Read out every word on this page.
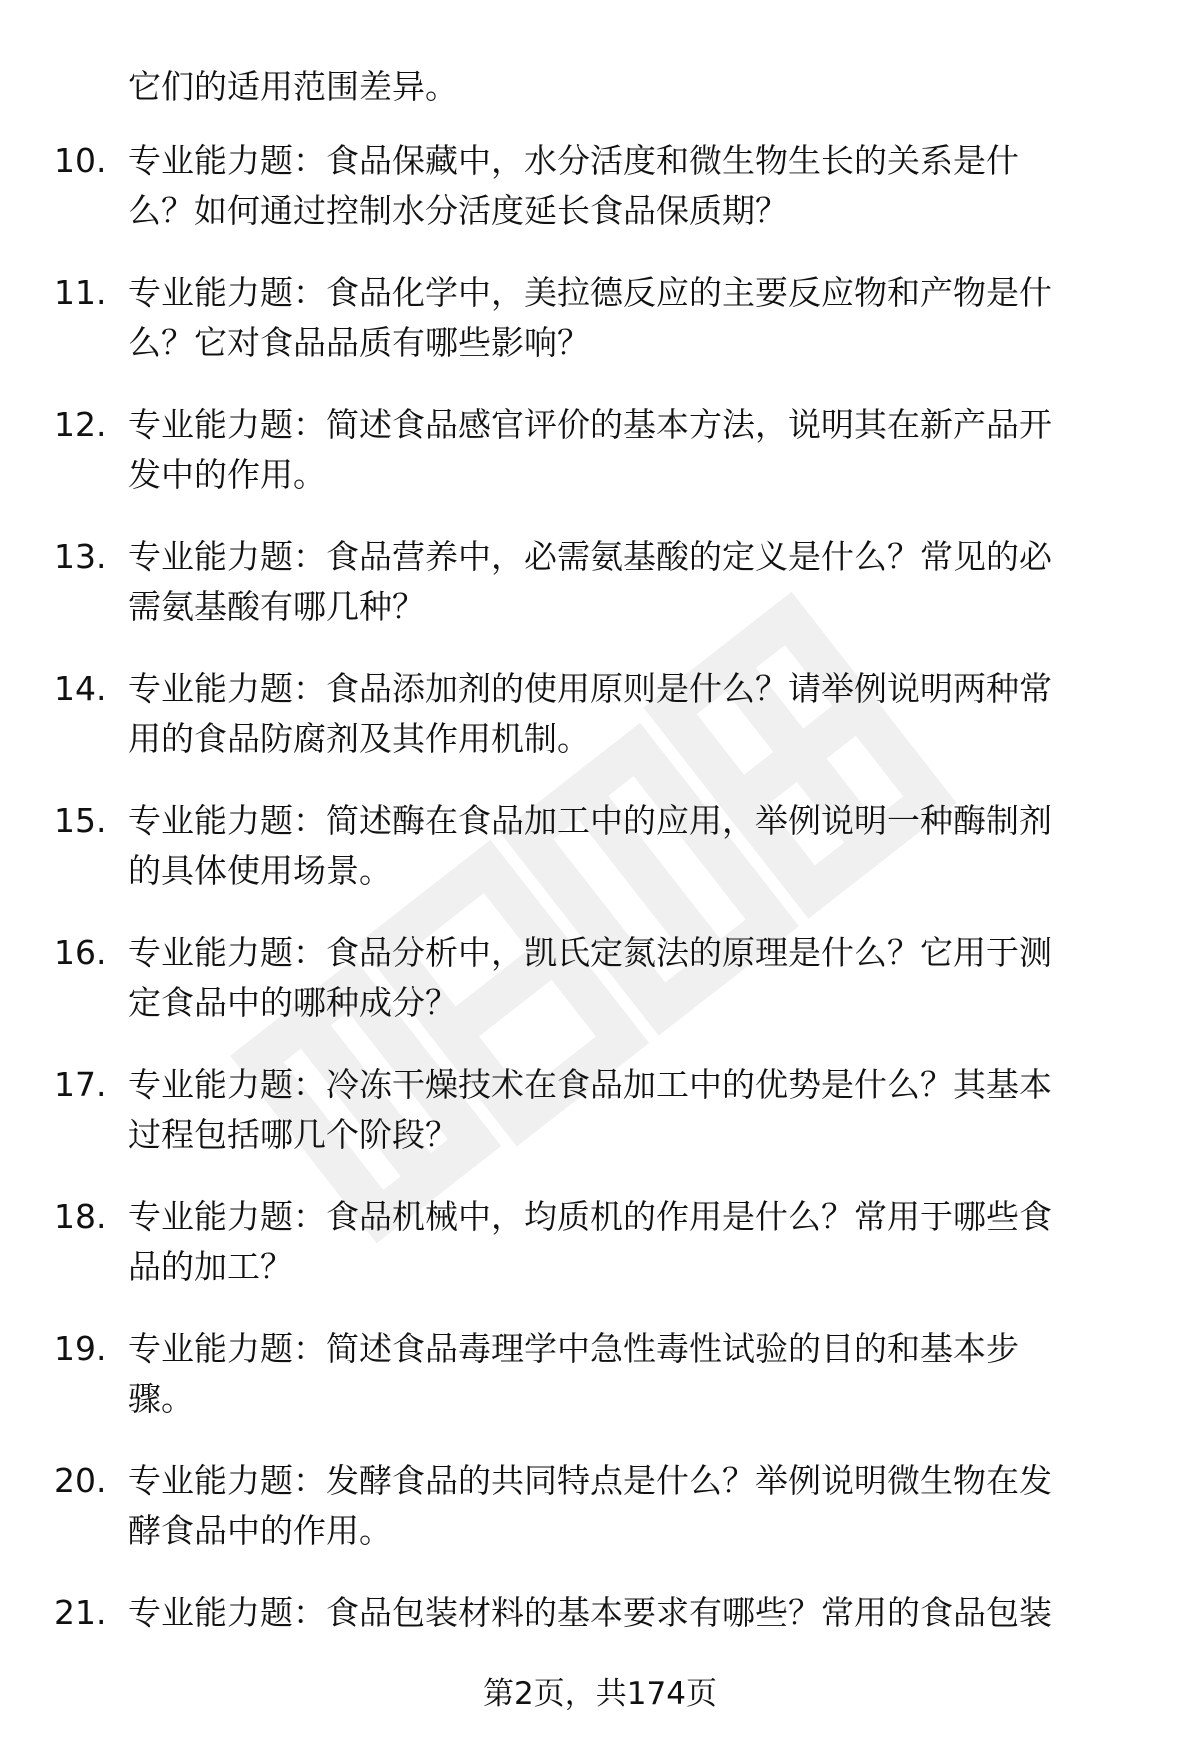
它们的适用范围差异。
10. 专业能力题：食品保藏中，水分活度和微生物生长的关系是什
么？如何通过控制水分活度延长食品保质期？
11. 专业能力题：食品化学中，美拉德反应的主要反应物和产物是什
么？它对食品品质有哪些影响？
12. 专业能力题：简述食品感官评价的基本方法，说明其在新产品开
发中的作用。
13. 专业能力题：食品营养中，必需氨基酸的定义是什么？常见的必
需氨基酸有哪几种？
14. 专业能力题：食品添加剂的使用原则是什么？请举例说明两种常
用的食品防腐剂及其作用机制。
15. 专业能力题：简述酶在食品加工中的应用，举例说明一种酶制剂
的具体使用场景。
16. 专业能力题：食品分析中，凯氏定氮法的原理是什么？它用于测
定食品中的哪种成分？
17. 专业能力题：冷冻干燥技术在食品加工中的优势是什么？其基本
过程包括哪几个阶段？
18. 专业能力题：食品机械中，均质机的作用是什么？常用于哪些食
品的加工？
19. 专业能力题：简述食品毒理学中急性毒性试验的目的和基本步
骤。
20. 专业能力题：发酵食品的共同特点是什么？举例说明微生物在发
酵食品中的作用。
21. 专业能力题：食品包装材料的基本要求有哪些？常用的食品包装
第2页，共174页
